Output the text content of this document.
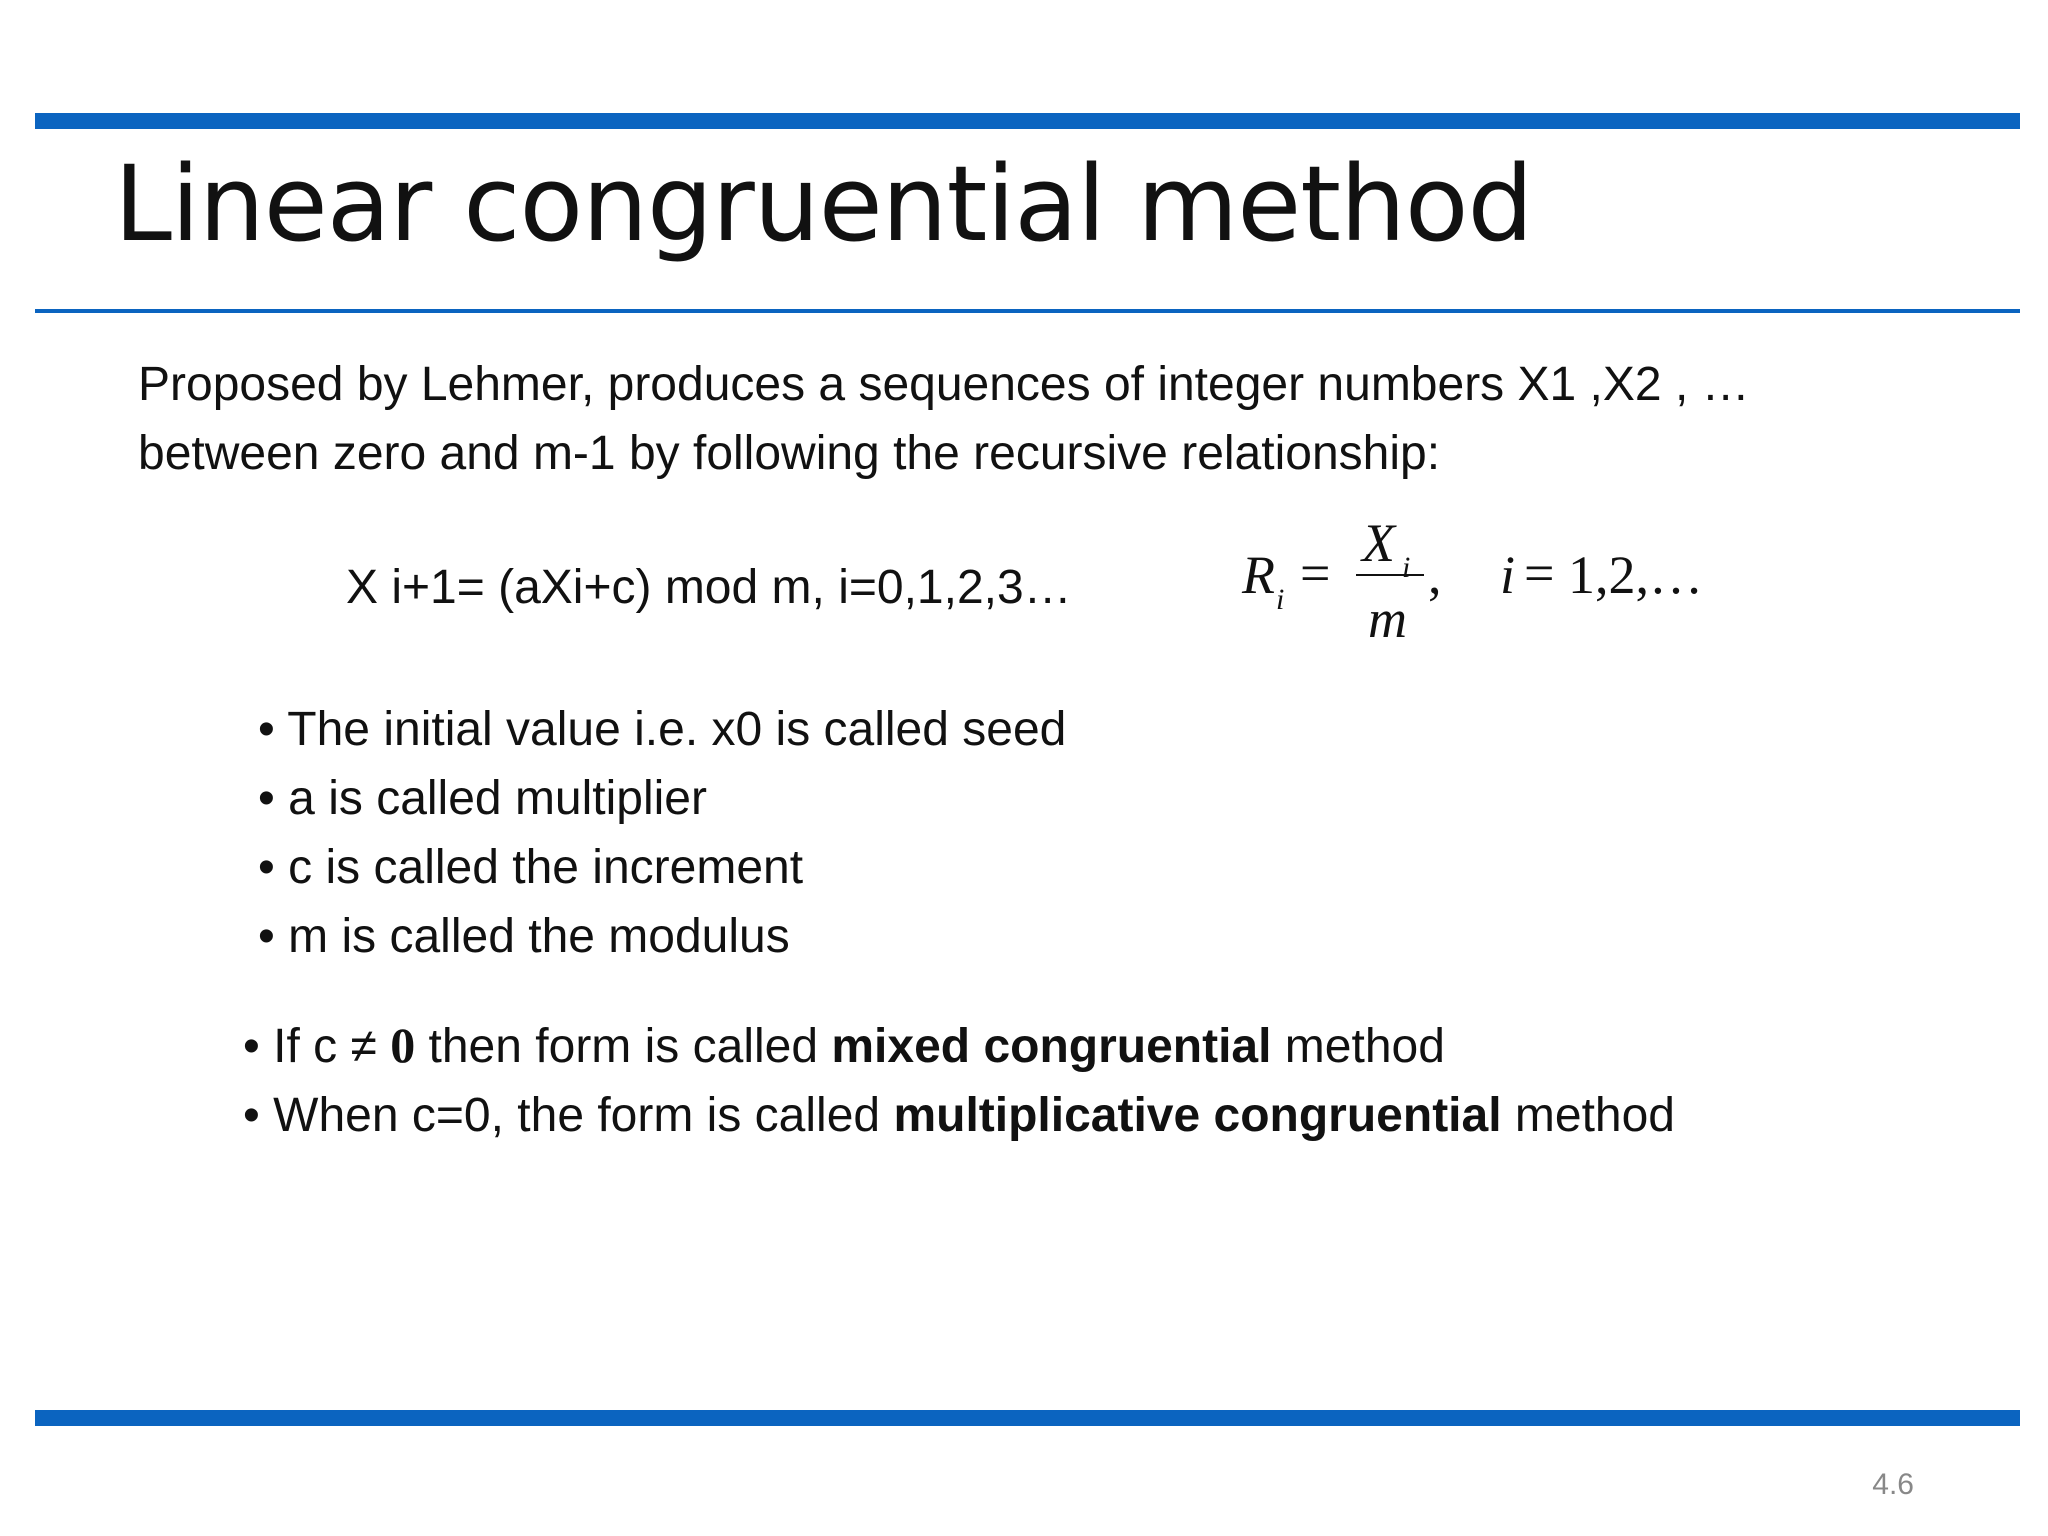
Linear congruential method

Proposed by Lehmer, produces a sequences of integer numbers X1 ,X2 , … between zero and m-1 by following the recursive relationship:

X i+1= (aXi+c) mod m, i=0,1,2,3…	R i = X i
m
, i = 1,2,…
• The initial value i.e. x0 is called seed
• a is called multiplier
• c is called the increment
• m is called the modulus
• If c ≠ 0 then form is called mixed congruential method
• When c=0, the form is called multiplicative congruential method
4.6
